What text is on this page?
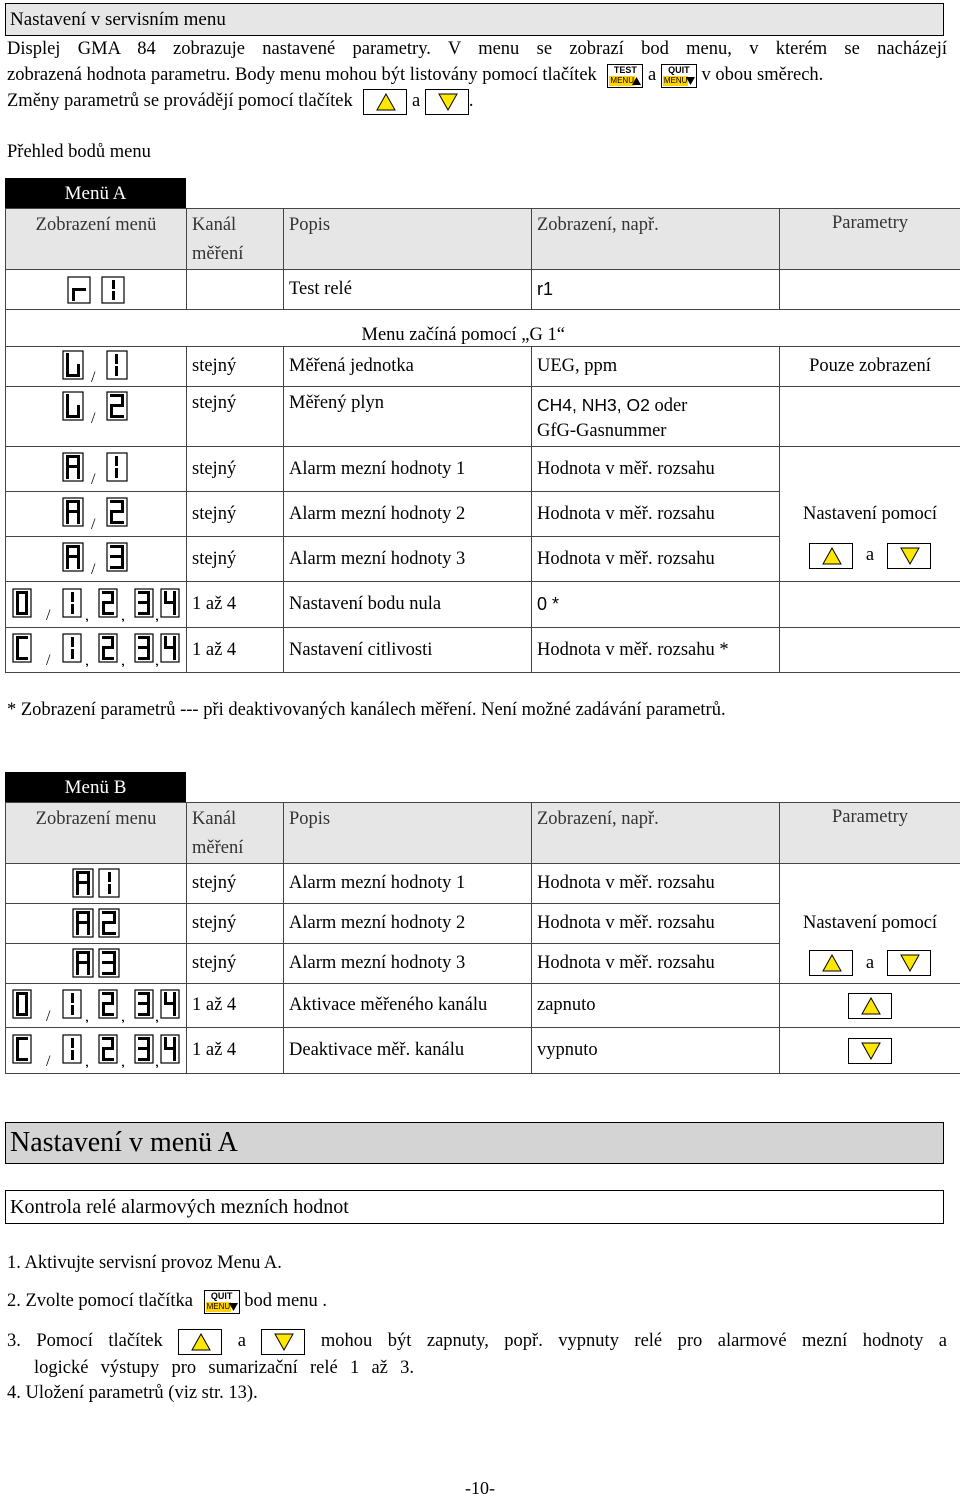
Nastavení v servisním menu
Displej GMA 84 zobrazuje nastavené parametry. V menu se zobrazí bod menu, v kterém se nacházejí
zobrazená hodnota parametru. Body menu mohou být listovány pomocí tlačítek	TEST
MENU a	QUIT
MENU v obou směrech.
Změny parametrů se provádějí pomocí tlačítek	a	.
Přehled bodů menu
Menü A
Zobrazení menü	Kanál měření	Popis	Zobrazení, např.	Parametry
		Test relé	r1	
		Menu začíná pomocí „G 1“		

/	stejný	Měřená jednotka	UEG, ppm	Pouze zobrazení

/	stejný	Měřený plyn	CH4, NH3, O2 oder
GfG-Gasnummer	

/	stejný	Alarm mezní hodnoty 1	Hodnota v měř. rozsahu	

/	stejný	Alarm mezní hodnoty 2	Hodnota v měř. rozsahu	Nastavení pomocí

/	stejný	Alarm mezní hodnoty 3	Hodnota v měř. rozsahu	a

/ , , ,	1 až 4	Nastavení bodu nula	0 *	

/ , , ,	1 až 4	Nastavení citlivosti	Hodnota v měř. rozsahu *	
* Zobrazení parametrů --- při deaktivovaných kanálech měření. Není možné zadávání parametrů.
Menü B
Zobrazení menu	Kanál měření	Popis	Zobrazení, např.	Parametry
	stejný	Alarm mezní hodnoty 1	Hodnota v měř. rozsahu	
	stejný	Alarm mezní hodnoty 2	Hodnota v měř. rozsahu	Nastavení pomocí
	stejný	Alarm mezní hodnoty 3	Hodnota v měř. rozsahu	a

/ , , ,	1 až 4	Aktivace měřeného kanálu	zapnuto	

/ , , ,	1 až 4	Deaktivace měř. kanálu	vypnuto	
Nastavení v menü A
Kontrola relé alarmových mezních hodnot
1. Aktivujte servisní provoz Menu A.
2. Zvolte pomocí tlačítka	QUIT
MENU bod menu .
3. Pomocí tlačítek	a	mohou být zapnuty, popř. vypnuty relé pro alarmové mezní hodnoty a
logické výstupy pro sumarizační relé 1 až 3.
4. Uložení parametrů (viz str. 13).
-10-
